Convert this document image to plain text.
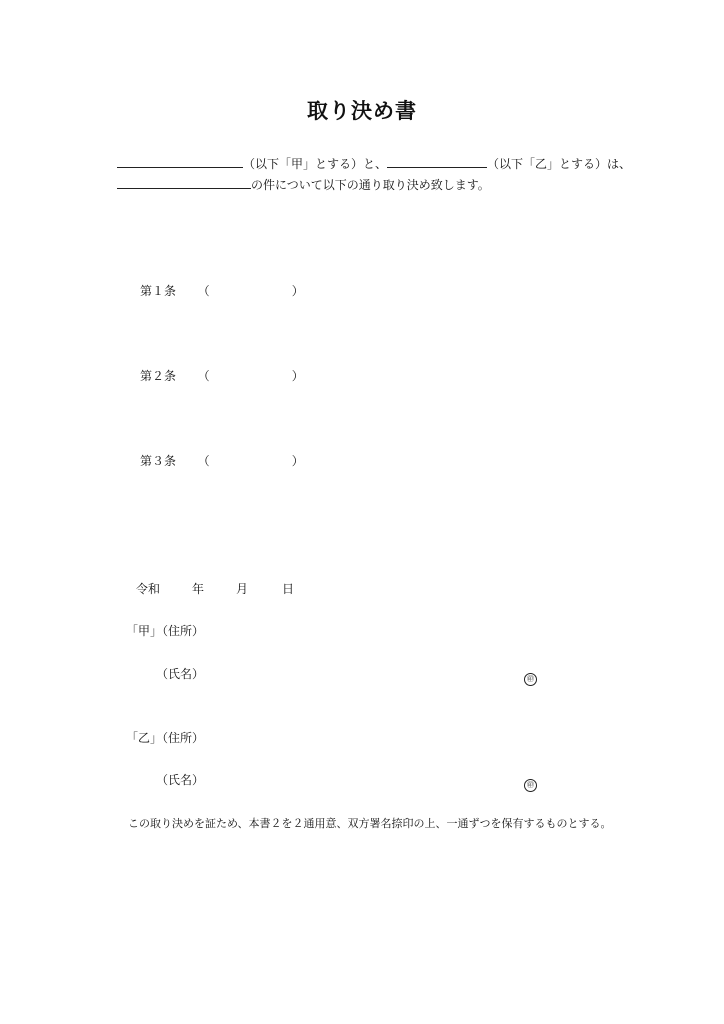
取り決め書
（以下「甲」とする）と、	（以下「乙」とする）は、
の件について以下の通り取り決め致します。
第１条 （	）
第２条 （	）
第３条 （	）
令和	年	月	日
「甲」（住所）
（氏名）	㊞
「乙」（住所）
（氏名）	㊞
この取り決めを証ため、本書２を２通用意、双方署名捺印の上、一通ずつを保有するものとする。
